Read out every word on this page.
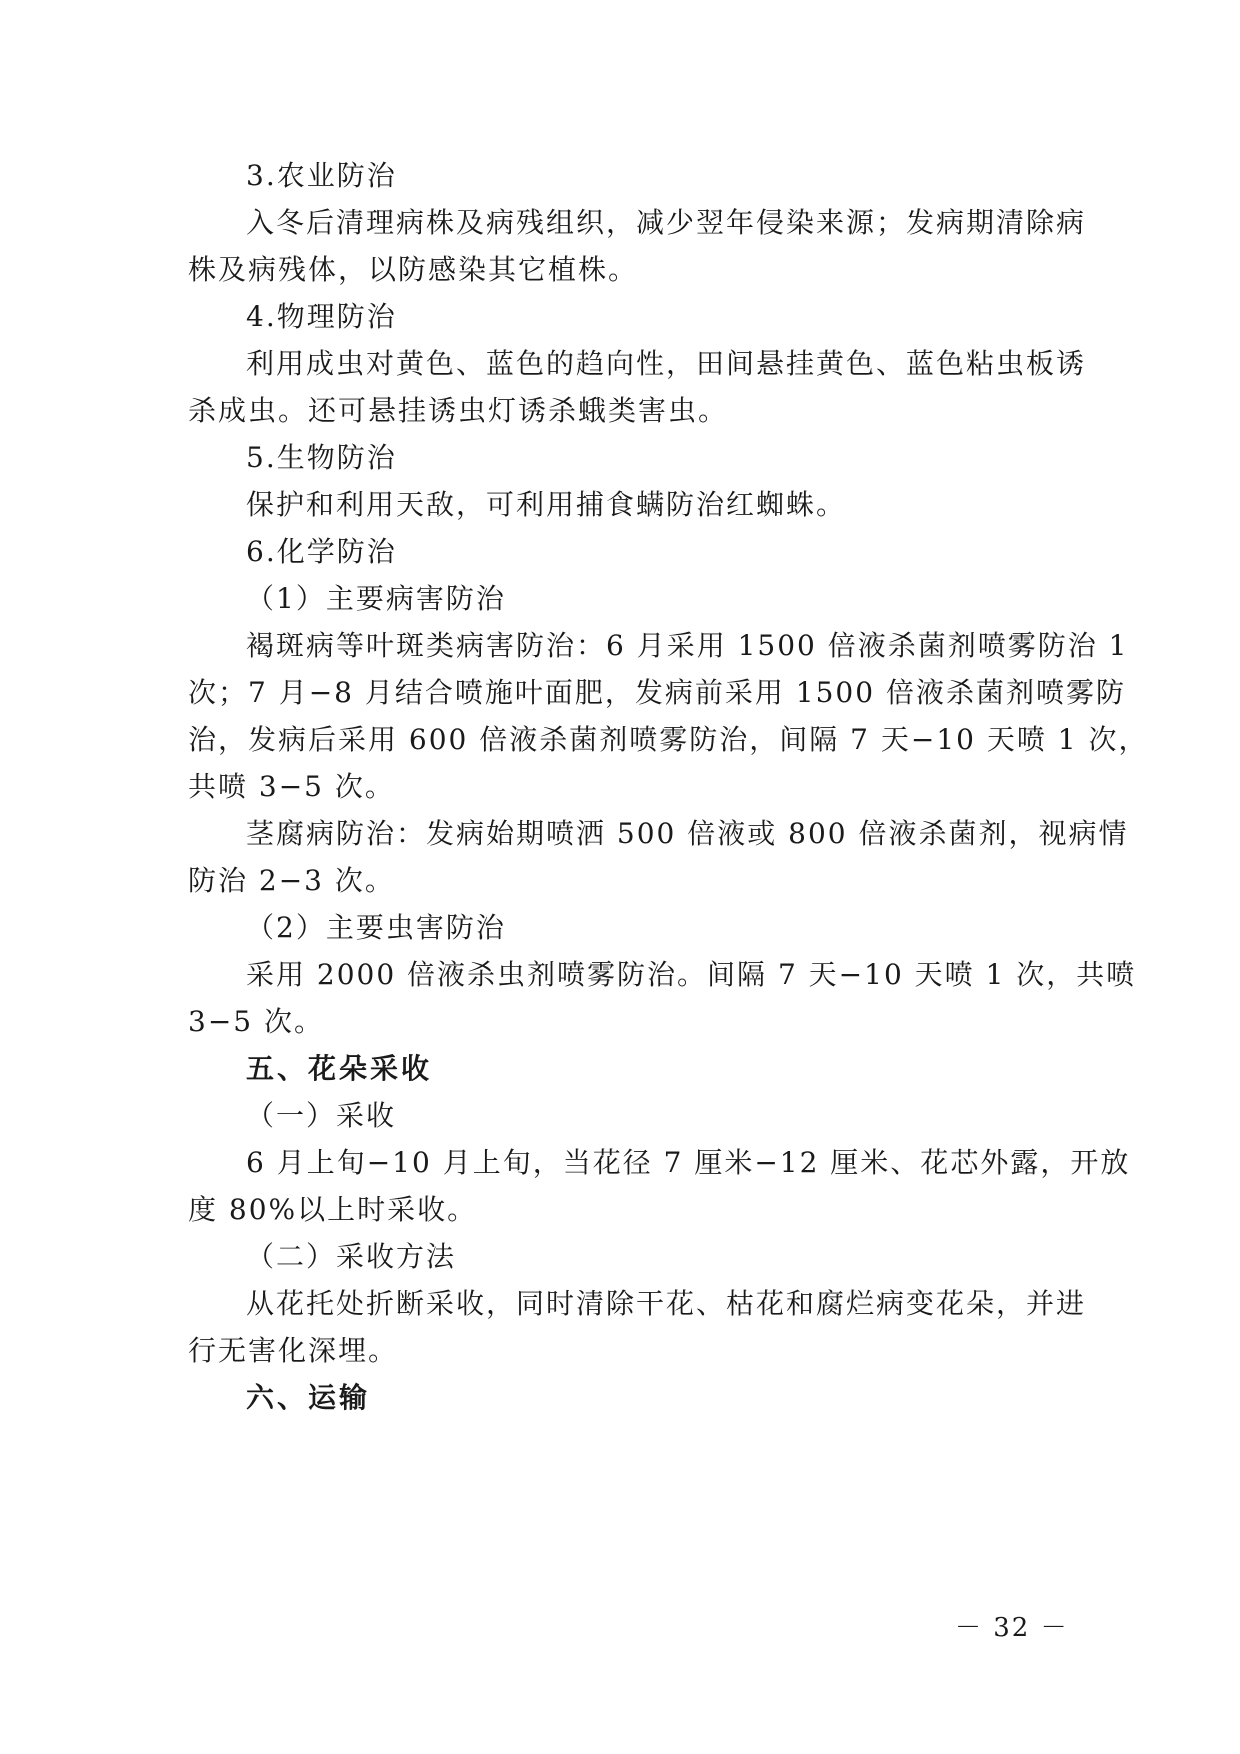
3.农业防治
入冬后清理病株及病残组织，减少翌年侵染来源；发病期清除病
株及病残体，以防感染其它植株。
4.物理防治
利用成虫对黄色、蓝色的趋向性，田间悬挂黄色、蓝色粘虫板诱
杀成虫。还可悬挂诱虫灯诱杀蛾类害虫。
5.生物防治
保护和利用天敌，可利用捕食螨防治红蜘蛛。
6.化学防治
（1）主要病害防治
褐斑病等叶斑类病害防治：6 月采用 1500 倍液杀菌剂喷雾防治 1
次；7 月−8 月结合喷施叶面肥，发病前采用 1500 倍液杀菌剂喷雾防
治，发病后采用 600 倍液杀菌剂喷雾防治，间隔 7 天−10 天喷 1 次，
共喷 3−5 次。
茎腐病防治：发病始期喷洒 500 倍液或 800 倍液杀菌剂，视病情
防治 2−3 次。
（2）主要虫害防治
采用 2000 倍液杀虫剂喷雾防治。间隔 7 天−10 天喷 1 次，共喷
3−5 次。
五、花朵采收
（一）采收
6 月上旬−10 月上旬，当花径 7 厘米−12 厘米、花芯外露，开放
度 80%以上时采收。
（二）采收方法
从花托处折断采收，同时清除干花、枯花和腐烂病变花朵，并进
行无害化深埋。
六、运输
－ 32 －
